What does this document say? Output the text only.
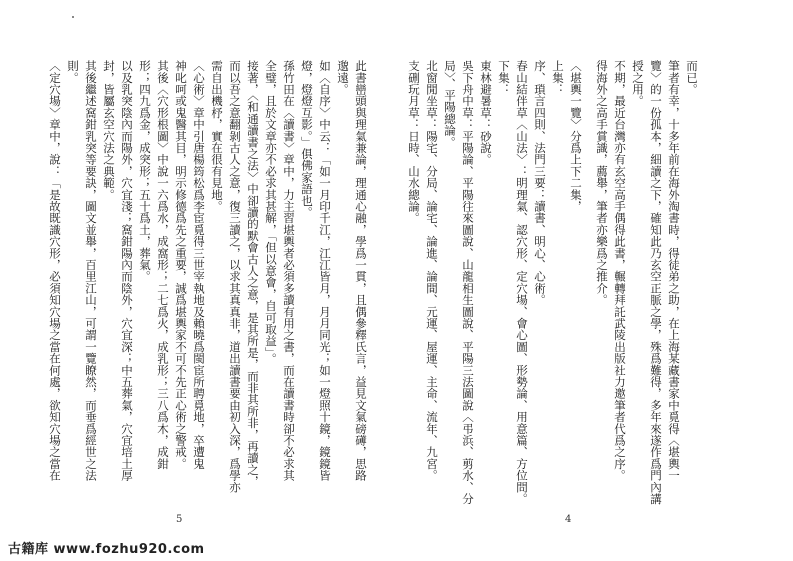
此書巒頭與理氣兼論，理通心融，學爲一貫，且偶參釋氏言，益見文氣磅礡，思路
邈遠。
如〈自序〉中云：「如一月印千江，江江皆月，月月同光；如一燈照十鏡，鏡鏡皆
燈，燈燈互影。」俱佛家語也。
孫竹田在〈讀書〉章中，力主習堪輿者必須多讀有用之書，而在讀書時卻不必求其
全璧，且於文章亦不必求其甚解，「但以意會，自可取益」。
接著，〈和通讀書之法〉中卻讀的默會古人之意，是其所是，而非其所非，再讀之，
而以吾之意翻剝古人之意，復三讀之，以求其真真非，道出讀書要由初入深，爲學亦
需自出機杼，實在很有見地。
〈心術〉章中引唐楊筠松爲李宦覓得三世宰執地及賴曉爲閩宦所聘覓地，卒遭鬼
神叱呵或鬼醫其目，明示修德爲先之重要，誠爲堪輿家不可不先正心術之警戒。
其後〈穴形根圖〉中說一六爲水，成窩形；二七爲火，成乳形；三八爲木，成鉗
形；四九爲金，成突形；五十爲土，葬氣。
以及乳突陰內而陽外，穴宜淺；窩鉗陽內而陰外，穴宜深；中五葬氣，穴宜培土厚
封，皆屬玄空穴法之典範。
其後繼述窩鉗乳突等要訣，圖文並舉，百里江山，可謂一覽瞭然，而垂爲經世之法
則。
〈定穴場〉章中，說：「是故既識穴形，必須知穴場之當在何處，欲知穴場之當在
5
而已。
筆者有幸，十多年前在海外淘書時，得徒弟之助，在上海某藏書家中覓得〈堪輿一
覽〉的一份孤本，細讀之下，確知此乃玄空正脈之學，殊爲難得，多年來遂作爲門內講
授之用。
不期，最近台灣亦有玄空高手偶得此書，輾轉拜託武陵出版社力邀筆者代爲之序。
得海外之高手賞識，薦舉，筆者亦樂爲之推介。
〈堪輿一覽〉分爲上下二集，
上集：
序、瑣言四則、法門三要：讀書、明心、心術。
春山結伴草〈山法〉：明理氣、認穴形、定穴場、會心圖、形勢論、用意篇、方位問。
下集：
東林避暑草：砂說。
吳下舟中草：平陽論、平陽往來圖說、山龍相生圖說、平陽三法圖說〈弔浜、剪水、分
局〉、平陽總論。
北窗閒坐草：陽宅、分局、論宅、論進、論間、元運、屋運、主命、流年、九宮。
支硎玩月草：日時、山水總論。
4
古籍库 www.fozhu920.com
